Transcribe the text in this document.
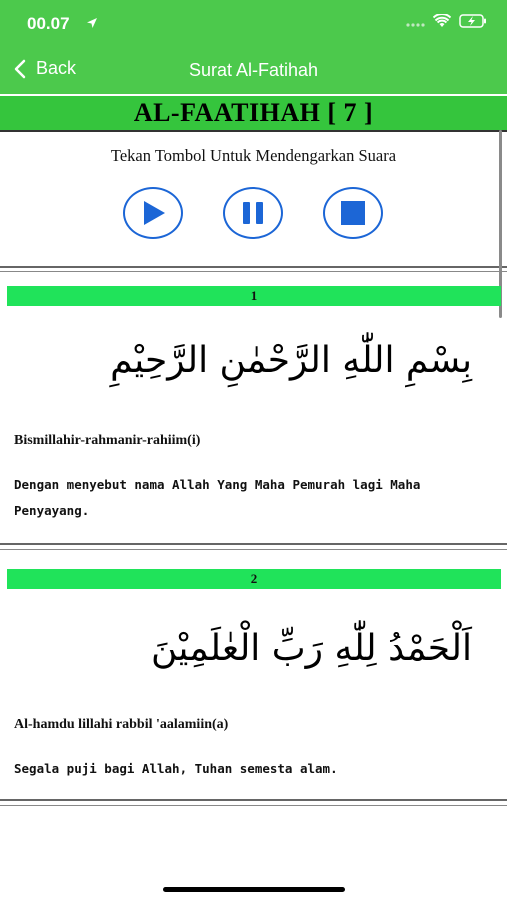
00.07
Back	Surat Al-Fatihah
AL-FAATIHAH [ 7 ]
Tekan Tombol Untuk Mendengarkan Suara
1
بِسْمِ اللّٰهِ الرَّحْمٰنِ الرَّحِيْمِ
Bismillahir-rahmanir-rahiim(i)
Dengan menyebut nama Allah Yang Maha Pemurah lagi Maha Penyayang.
2
اَلْحَمْدُ لِلّٰهِ رَبِّ الْعٰلَمِيْنَ
Al-hamdu lillahi rabbil 'aalamiin(a)
Segala puji bagi Allah, Tuhan semesta alam.
